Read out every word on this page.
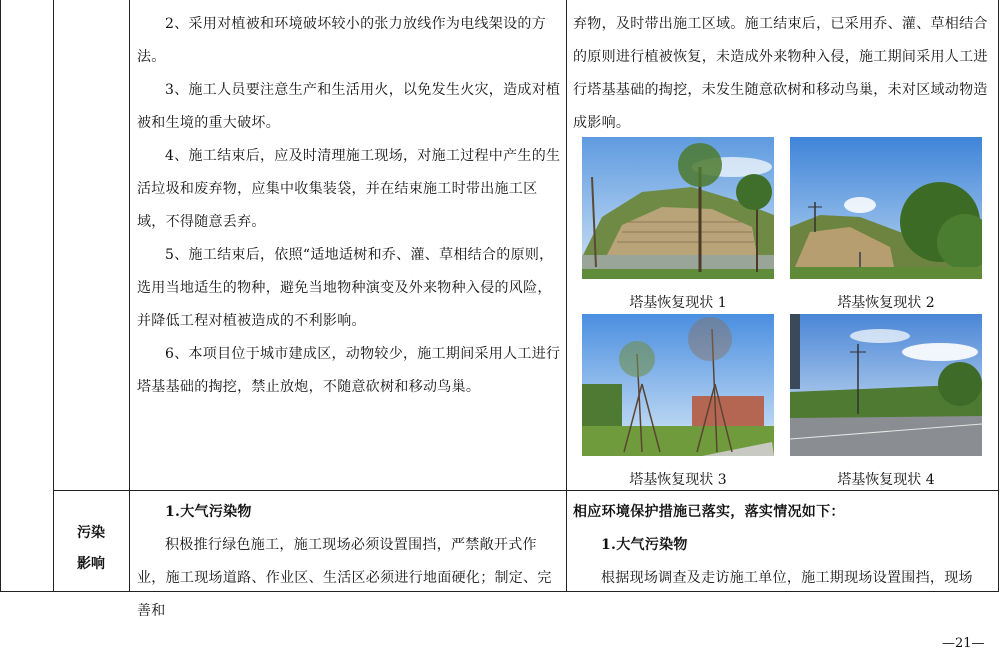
2、采用对植被和环境破坏较小的张力放线作为电线架设的方法。

3、施工人员要注意生产和生活用火，以免发生火灾，造成对植被和生境的重大破坏。

4、施工结束后，应及时清理施工现场，对施工过程中产生的生活垃圾和废弃物，应集中收集装袋，并在结束施工时带出施工区域，不得随意丢弃。

5、施工结束后，依照“适地适树和乔、灌、草相结合的原则，选用当地适生的物种，避免当地物种演变及外来物种入侵的风险，并降低工程对植被造成的不利影响。

6、本项目位于城市建成区，动物较少，施工期间采用人工进行塔基基础的掏挖，禁止放炮，不随意砍树和移动鸟巢。

弃物，及时带出施工区域。施工结束后，已采用乔、灌、草相结合的原则进行植被恢复，未造成外来物种入侵，施工期间采用人工进行塔基基础的掏挖，未发生随意砍树和移动鸟巢，未对区域动物造成影响。

塔基恢复现状 1	塔基恢复现状 2
塔基恢复现状 3	塔基恢复现状 4
污染
影响
1.大气污染物

积极推行绿色施工，施工现场必须设置围挡，严禁敞开式作业，施工现场道路、作业区、生活区必须进行地面硬化；制定、完善和

相应环境保护措施已落实，落实情况如下：
1.大气污染物

根据现场调查及走访施工单位，施工期现场设置围挡，现场

—21—
